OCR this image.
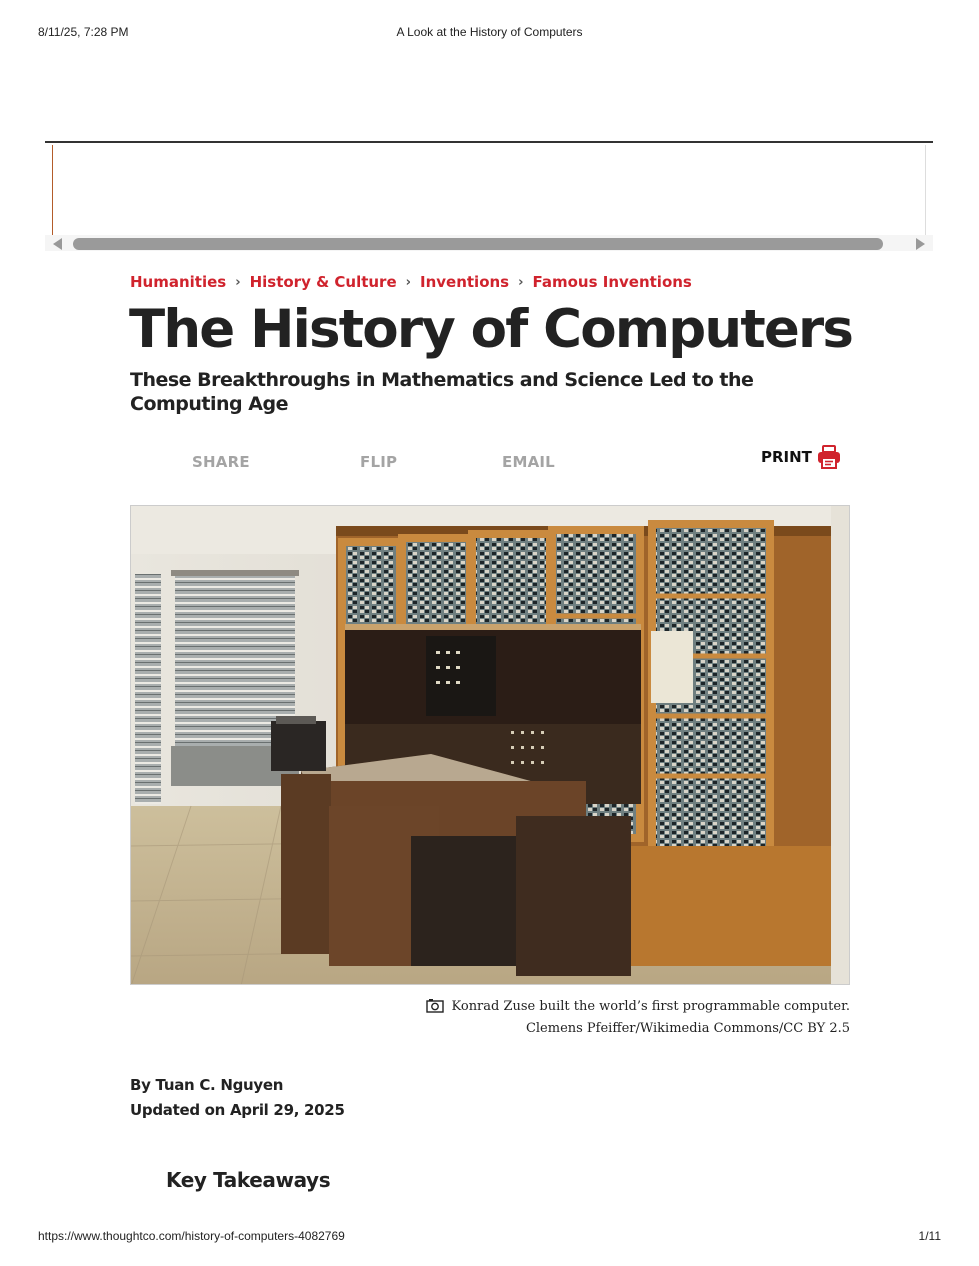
8/11/25, 7:28 PM	A Look at the History of Computers
Humanities › History & Culture › Inventions › Famous Inventions
The History of Computers
These Breakthroughs in Mathematics and Science Led to the Computing Age
SHARE	FLIP	EMAIL	PRINT
Konrad Zuse built the world’s first programmable computer.
Clemens Pfeiffer/Wikimedia Commons/CC BY 2.5
By Tuan C. Nguyen
Updated on April 29, 2025
Key Takeaways
https://www.thoughtco.com/history-of-computers-4082769	1/11
